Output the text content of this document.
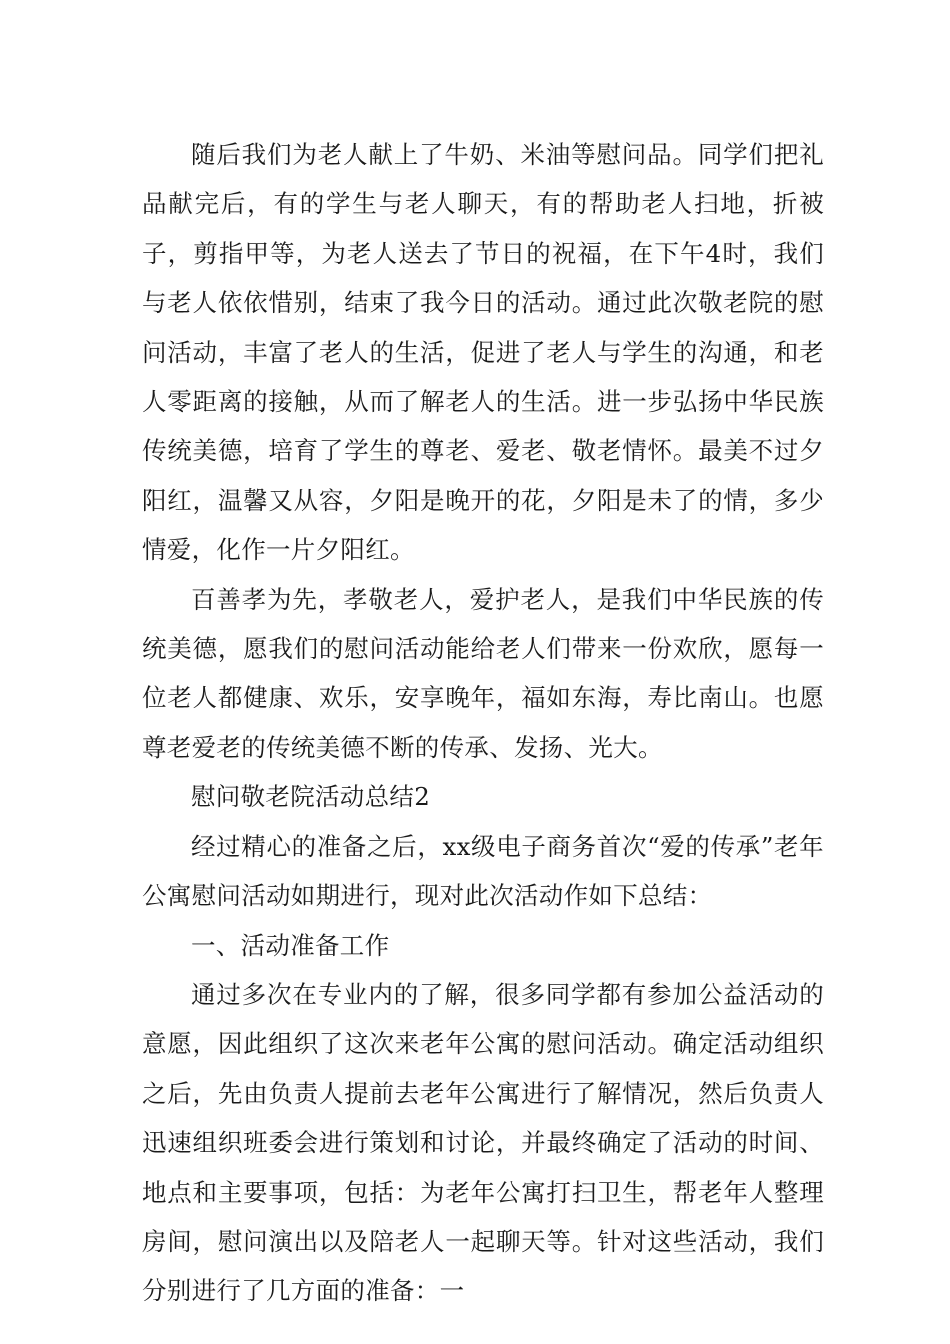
随后我们为老人献上了牛奶、米油等慰问品。同学们把礼品献完后，有的学生与老人聊天，有的帮助老人扫地，折被子，剪指甲等，为老人送去了节日的祝福，在下午4时，我们与老人依依惜别，结束了我今日的活动。通过此次敬老院的慰问活动，丰富了老人的生活，促进了老人与学生的沟通，和老人零距离的接触，从而了解老人的生活。进一步弘扬中华民族传统美德，培育了学生的尊老、爱老、敬老情怀。最美不过夕阳红，温馨又从容，夕阳是晚开的花，夕阳是未了的情，多少情爱，化作一片夕阳红。

百善孝为先，孝敬老人，爱护老人，是我们中华民族的传统美德，愿我们的慰问活动能给老人们带来一份欢欣，愿每一位老人都健康、欢乐，安享晚年，福如东海，寿比南山。也愿尊老爱老的传统美德不断的传承、发扬、光大。

慰问敬老院活动总结2

经过精心的准备之后，xx级电子商务首次“爱的传承”老年公寓慰问活动如期进行，现对此次活动作如下总结：

一、活动准备工作

通过多次在专业内的了解，很多同学都有参加公益活动的意愿，因此组织了这次来老年公寓的慰问活动。确定活动组织之后，先由负责人提前去老年公寓进行了解情况，然后负责人迅速组织班委会进行策划和讨论，并最终确定了活动的时间、地点和主要事项，包括：为老年公寓打扫卫生，帮老年人整理房间，慰问演出以及陪老人一起聊天等。针对这些活动，我们分别进行了几方面的准备：一
